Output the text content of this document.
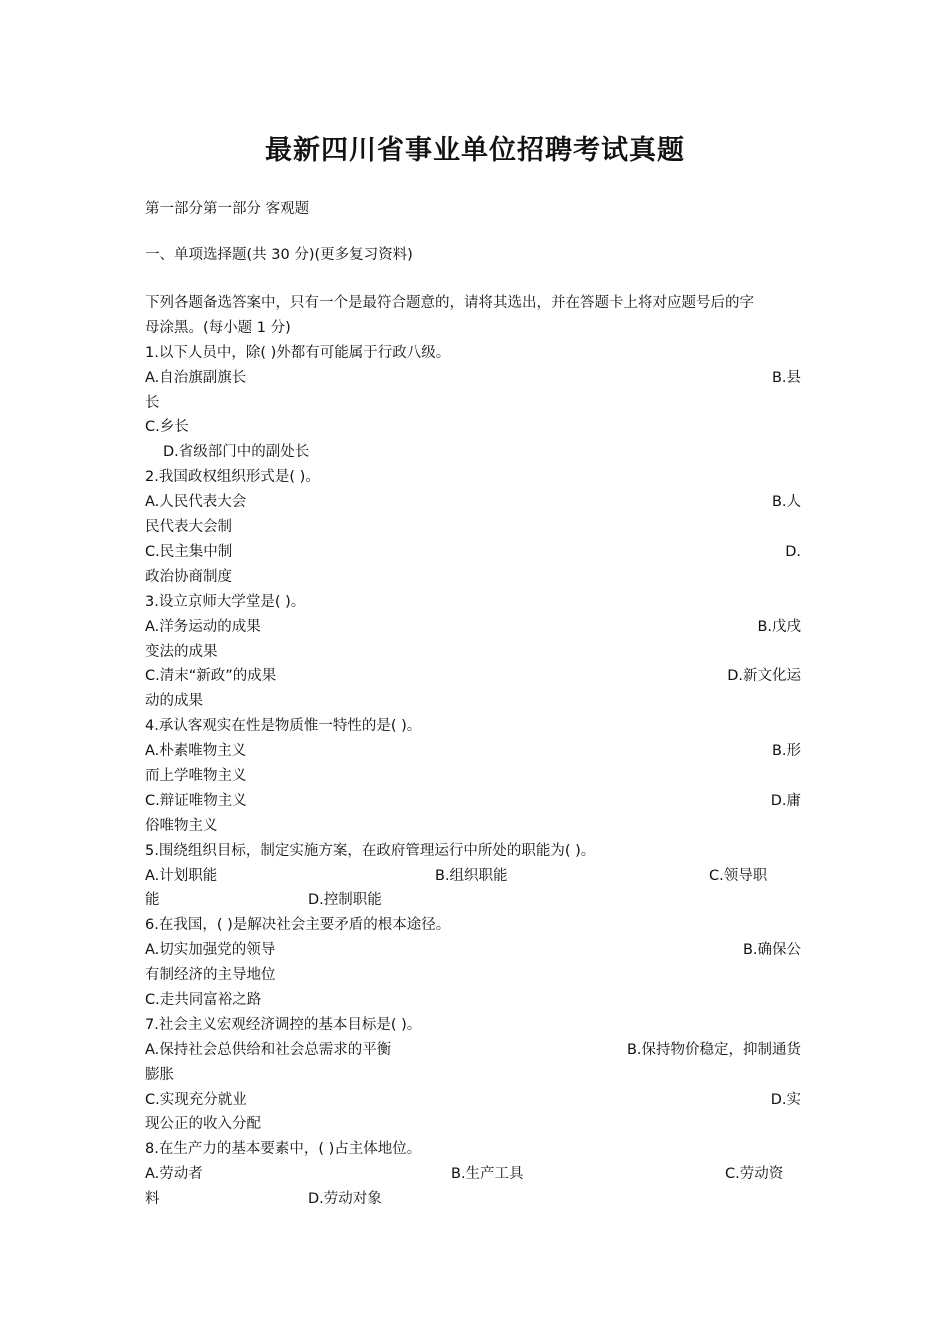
最新四川省事业单位招聘考试真题
第一部分第一部分 客观题
一、单项选择题(共 30 分)(更多复习资料)
下列各题备选答案中，只有一个是最符合题意的，请将其选出，并在答题卡上将对应题号后的字
母涂黑。(每小题 1 分)
1.以下人员中，除( )外都有可能属于行政八级。
A.自治旗副旗长	B.县
长
C.乡长
D.省级部门中的副处长
2.我国政权组织形式是( )。
A.人民代表大会	B.人
民代表大会制
C.民主集中制	D.
政治协商制度
3.设立京师大学堂是( )。
A.洋务运动的成果	B.戊戌
变法的成果
C.清末“新政”的成果	D.新文化运
动的成果
4.承认客观实在性是物质惟一特性的是( )。
A.朴素唯物主义	B.形
而上学唯物主义
C.辩证唯物主义	D.庸
俗唯物主义
5.围绕组织目标，制定实施方案，在政府管理运行中所处的职能为( )。
A.计划职能	B.组织职能	C.领导职
能	D.控制职能
6.在我国，( )是解决社会主要矛盾的根本途径。
A.切实加强党的领导	B.确保公
有制经济的主导地位
C.走共同富裕之路
7.社会主义宏观经济调控的基本目标是( )。
A.保持社会总供给和社会总需求的平衡	B.保持物价稳定，抑制通货
膨胀
C.实现充分就业	D.实
现公正的收入分配
8.在生产力的基本要素中，( )占主体地位。
A.劳动者	B.生产工具	C.劳动资
料	D.劳动对象
